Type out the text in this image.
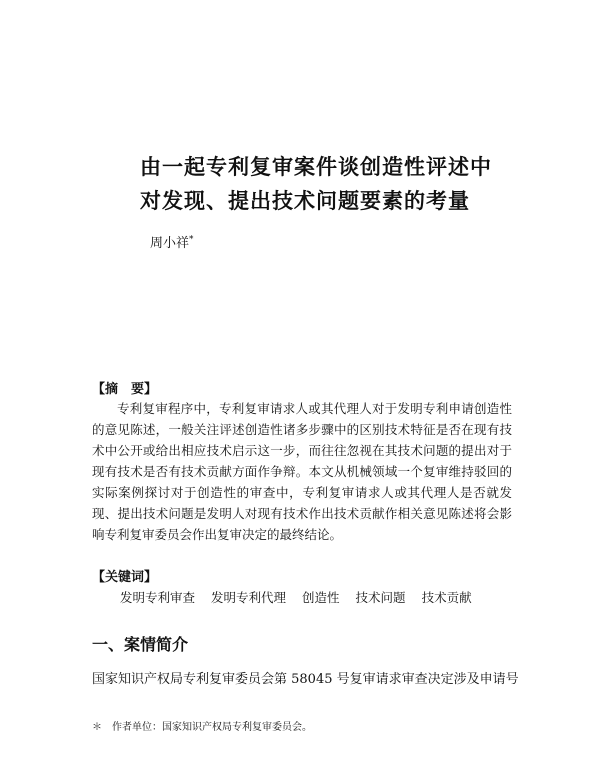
由一起专利复审案件谈创造性评述中
对发现、提出技术问题要素的考量
周小祥*
【摘　要】

专利复审程序中，专利复审请求人或其代理人对于发明专利申请创造性的意见陈述，一般关注评述创造性诸多步骤中的区别技术特征是否在现有技术中公开或给出相应技术启示这一步，而往往忽视在其技术问题的提出对于现有技术是否有技术贡献方面作争辩。本文从机械领域一个复审维持驳回的实际案例探讨对于创造性的审查中，专利复审请求人或其代理人是否就发现、提出技术问题是发明人对现有技术作出技术贡献作相关意见陈述将会影响专利复审委员会作出复审决定的最终结论。

【关键词】
发明专利审查 发明专利代理 创造性 技术问题 技术贡献
一、案情简介
国家知识产权局专利复审委员会第 58045 号复审请求审查决定涉及申请号
＊　作者单位：国家知识产权局专利复审委员会。
